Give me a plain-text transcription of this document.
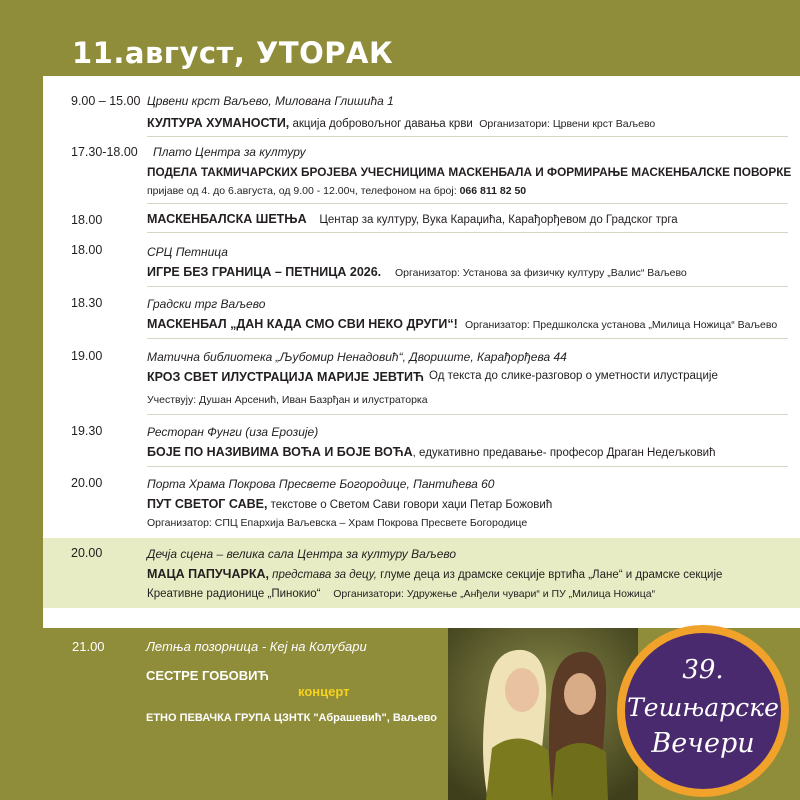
11.август, УТОРАК
9.00 – 15.00 Црвени крст Ваљево, Милована Глишића 1
КУЛТУРА ХУМАНОСТИ, акција добровољног давања крви Организатори: Црвени крст Ваљево
17.30-18.00 Плато Центра за културу
ПОДЕЛА ТАКМИЧАРСКИХ БРОЈЕВА УЧЕСНИЦИМА МАСКЕНБАЛА И ФОРМИРАЊЕ МАСКЕНБАЛСКЕ ПОВОРКЕ
пријаве од 4. до 6.августа, од 9.00 - 12.00ч, телефоном на број: 066 811 82 50
18.00	МАСКЕНБАЛСКА ШЕТЊА Центар за културу, Вука Караџића, Карађорђевом до Градског трга
18.00	СРЦ Петница
ИГРЕ БЕЗ ГРАНИЦА – ПЕТНИЦА 2026. Организатор: Установа за физичку културу „Валис“ Ваљево
18.30	Градски трг Ваљево
МАСКЕНБАЛ „ДАН КАДА СМО СВИ НЕКО ДРУГИ“! Организатор: Предшколска установа „Милица Ножица“ Ваљево
19.00	Матична библиотека „Љубомир Ненадовић“, Двориште, Карађорђева 44
КРОЗ СВЕТ ИЛУСТРАЦИЈА МАРИЈЕ ЈЕВТИЋ Од текста до слике-разговор о уметности илустрације
Учествују: Душан Арсенић, Иван Базрђан и илустраторка
19.30	Ресторан Фунги (иза Ерозије)
БОЈЕ ПО НАЗИВИМА ВОЋА И БОЈЕ ВОЋА, едукативно предавање- професор Драган Недељковић
20.00	Порта Храма Покрова Пресвете Богородице, Пантићева 60
ПУТ СВЕТОГ САВЕ, текстове о Светом Сави говори хаџи Петар Божовић
Организатор: СПЦ Епархија Ваљевска – Храм Покрова Пресвете Богородице
20.00	Дечја сцена – велика сала Центра за културу Ваљево
МАЦА ПАПУЧАРКА, представа за децу, глуме деца из драмске секције вртића „Лане“ и драмске секције
Креативне радионице „Пинокио“ Организатори: Удружење „Анђели чувари“ и ПУ „Милица Ножица“
21.00	Летња позорница - Кеј на Колубари
СЕСТРЕ ГОБОВИЋ
концерт
ЕТНО ПЕВАЧКА ГРУПА ЦЗНТК "Абрашевић", Ваљево
39.
Тешњарске
Вечери
